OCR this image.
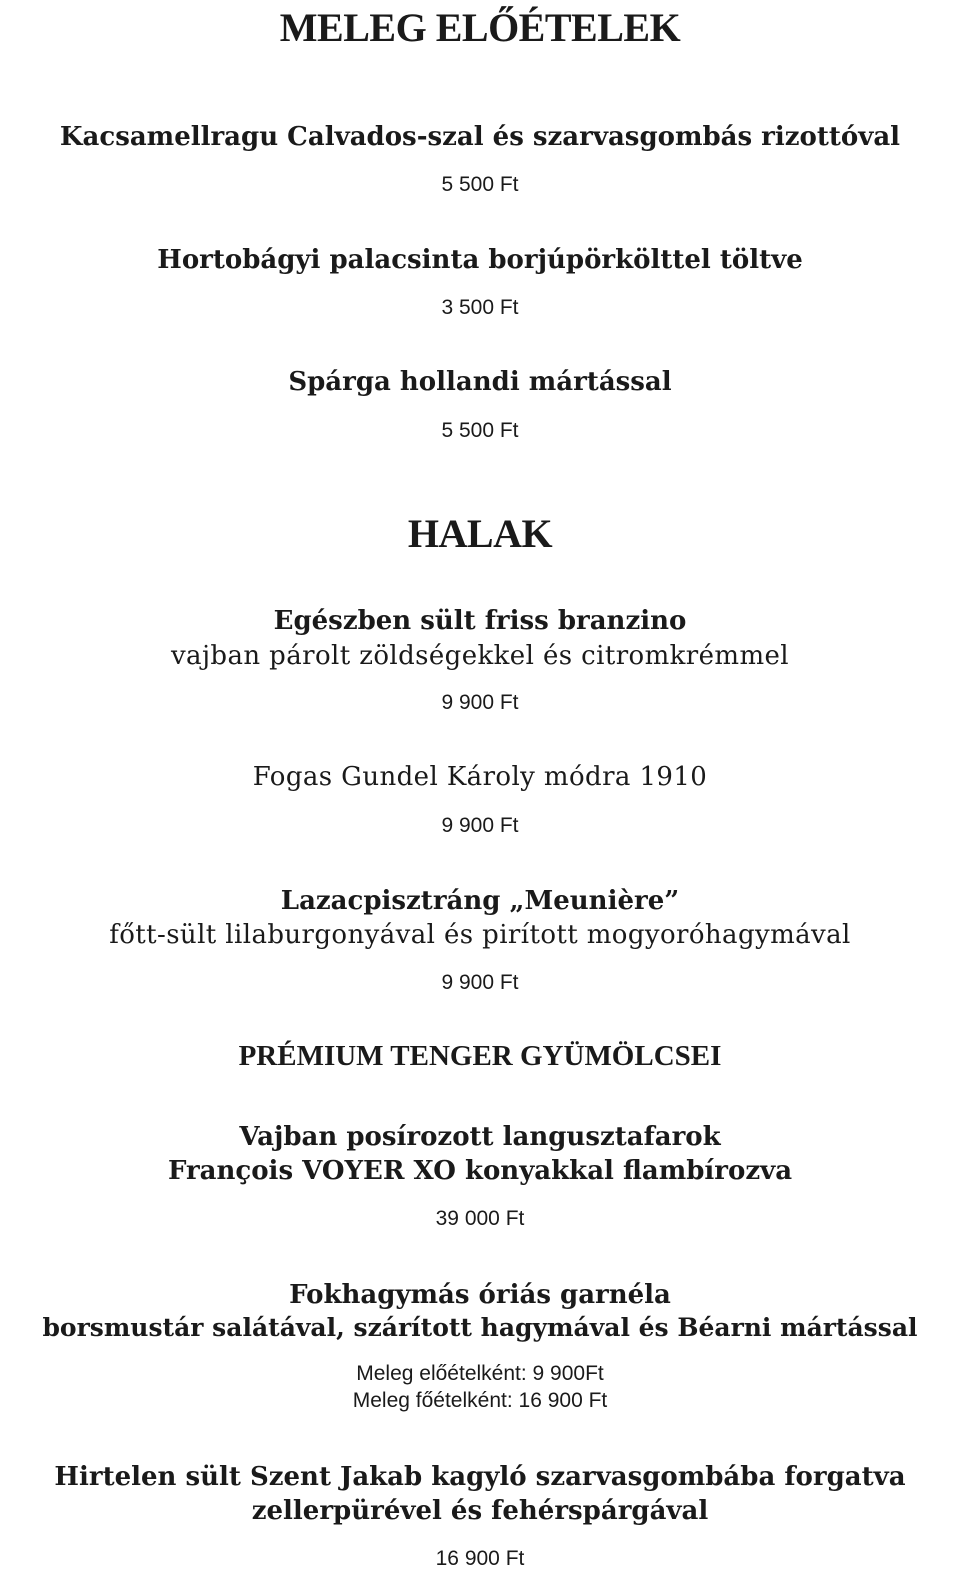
MELEG ELŐÉTELEK
Kacsamellragu Calvados-szal és szarvasgombás rizottóval
5 500 Ft
Hortobágyi palacsinta borjúpörkölttel töltve
3 500 Ft
Spárga hollandi mártással
5 500 Ft
HALAK
Egészben sült friss branzino
vajban párolt zöldségekkel és citromkrémmel
9 900 Ft
Fogas Gundel Károly módra 1910
9 900 Ft
Lazacpisztráng „Meunière”
főtt-sült lilaburgonyával és pirított mogyoróhagymával
9 900 Ft
PRÉMIUM TENGER GYÜMÖLCSEI
Vajban posírozott langusztafarok
François VOYER XO konyakkal flambírozva
39 000 Ft
Fokhagymás óriás garnéla
borsmustár salátával, szárított hagymával és Béarni mártással
Meleg előételként: 9 900Ft
Meleg főételként: 16 900 Ft
Hirtelen sült Szent Jakab kagyló szarvasgombába forgatva
zellerpürével és fehérspárgával
16 900 Ft
